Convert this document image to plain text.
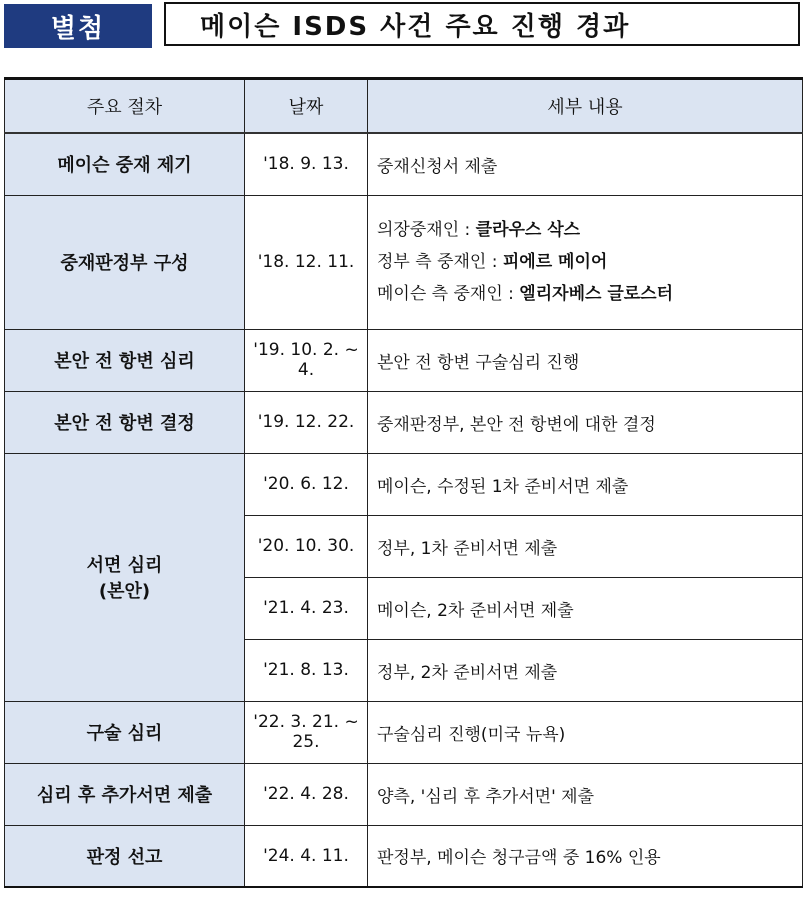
별첨	메이슨 ISDS 사건 주요 진행 경과
주요 절차	날짜	세부 내용
메이슨 중재 제기	'18. 9. 13.	중재신청서 제출
중재판정부 구성	'18. 12. 11.	의장중재인 : 클라우스 삭스
정부 측 중재인 : 피에르 메이어
메이슨 측 중재인 : 엘리자베스 글로스터

본안 전 항변 심리	'19. 10. 2. ~ 4.	본안 전 항변 구술심리 진행
본안 전 항변 결정	'19. 12. 22.	중재판정부, 본안 전 항변에 대한 결정

서면 심리
(본안)	'20. 6. 12.	메이슨, 수정된 1차 준비서면 제출
	'20. 10. 30.	정부, 1차 준비서면 제출
	'21. 4. 23.	메이슨, 2차 준비서면 제출
	'21. 8. 13.	정부, 2차 준비서면 제출
구술 심리	'22. 3. 21. ~ 25.	구술심리 진행(미국 뉴욕)
심리 후 추가서면 제출	'22. 4. 28.	양측, '심리 후 추가서면' 제출
판정 선고	'24. 4. 11.	판정부, 메이슨 청구금액 중 16% 인용
